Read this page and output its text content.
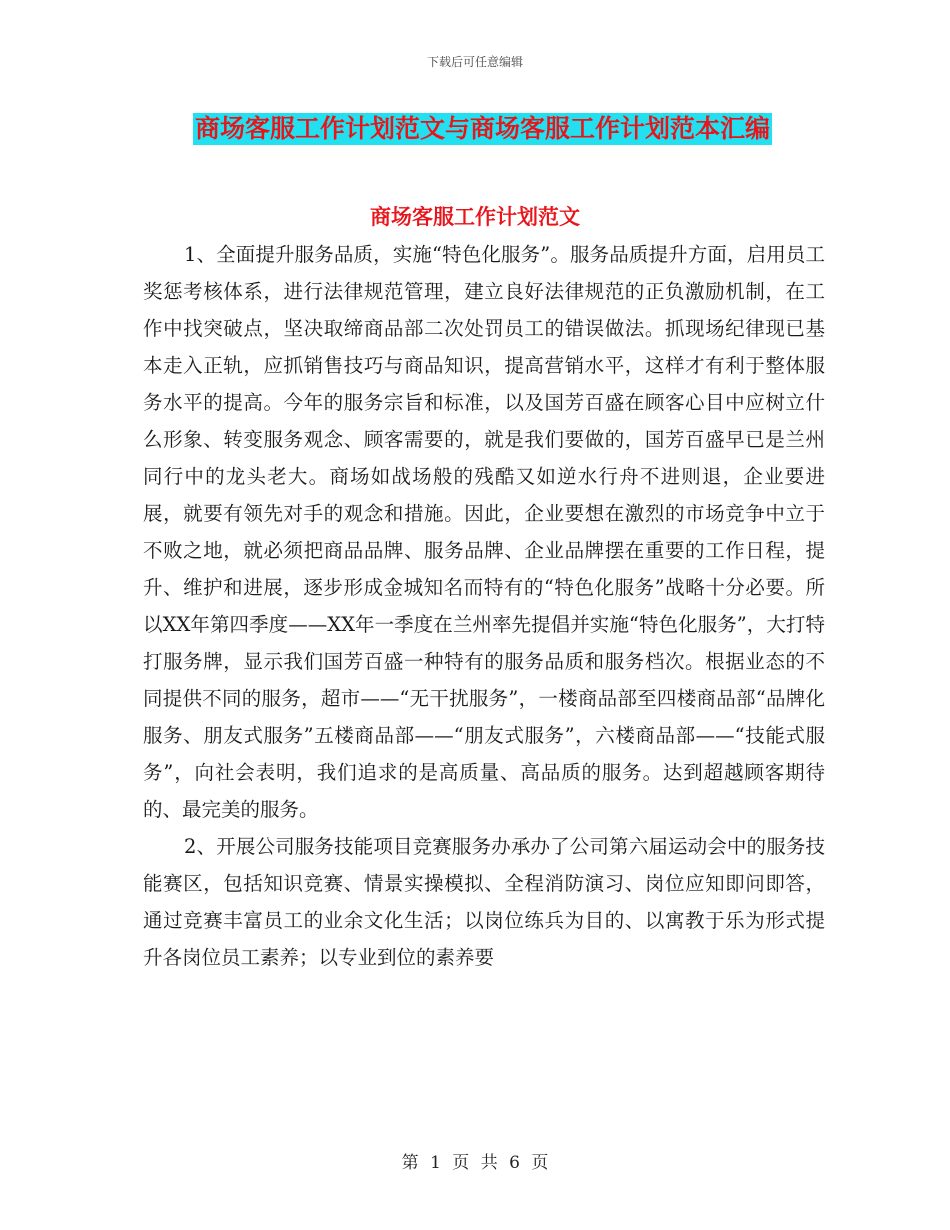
下载后可任意编辑
商场客服工作计划范文与商场客服工作计划范本汇编
商场客服工作计划范文

1、全面提升服务品质，实施“特色化服务”。服务品质提升方面，启用员工奖惩考核体系，进行法律规范管理，建立良好法律规范的正负激励机制，在工作中找突破点，坚决取缔商品部二次处罚员工的错误做法。抓现场纪律现已基本走入正轨，应抓销售技巧与商品知识，提高营销水平，这样才有利于整体服务水平的提高。今年的服务宗旨和标准，以及国芳百盛在顾客心目中应树立什么形象、转变服务观念、顾客需要的，就是我们要做的，国芳百盛早已是兰州同行中的龙头老大。商场如战场般的残酷又如逆水行舟不进则退，企业要进展，就要有领先对手的观念和措施。因此，企业要想在激烈的市场竞争中立于不败之地，就必须把商品品牌、服务品牌、企业品牌摆在重要的工作日程，提升、维护和进展，逐步形成金城知名而特有的“特色化服务”战略十分必要。所以XX年第四季度——XX年一季度在兰州率先提倡并实施“特色化服务”，大打特打服务牌，显示我们国芳百盛一种特有的服务品质和服务档次。根据业态的不同提供不同的服务，超市——“无干扰服务”，一楼商品部至四楼商品部“品牌化服务、朋友式服务”五楼商品部——“朋友式服务”，六楼商品部——“技能式服务”，向社会表明，我们追求的是高质量、高品质的服务。达到超越顾客期待的、最完美的服务。

2、开展公司服务技能项目竞赛服务办承办了公司第六届运动会中的服务技能赛区，包括知识竞赛、情景实操模拟、全程消防演习、岗位应知即问即答，通过竞赛丰富员工的业余文化生活；以岗位练兵为目的、以寓教于乐为形式提升各岗位员工素养；以专业到位的素养要

第 1 页 共 6 页
